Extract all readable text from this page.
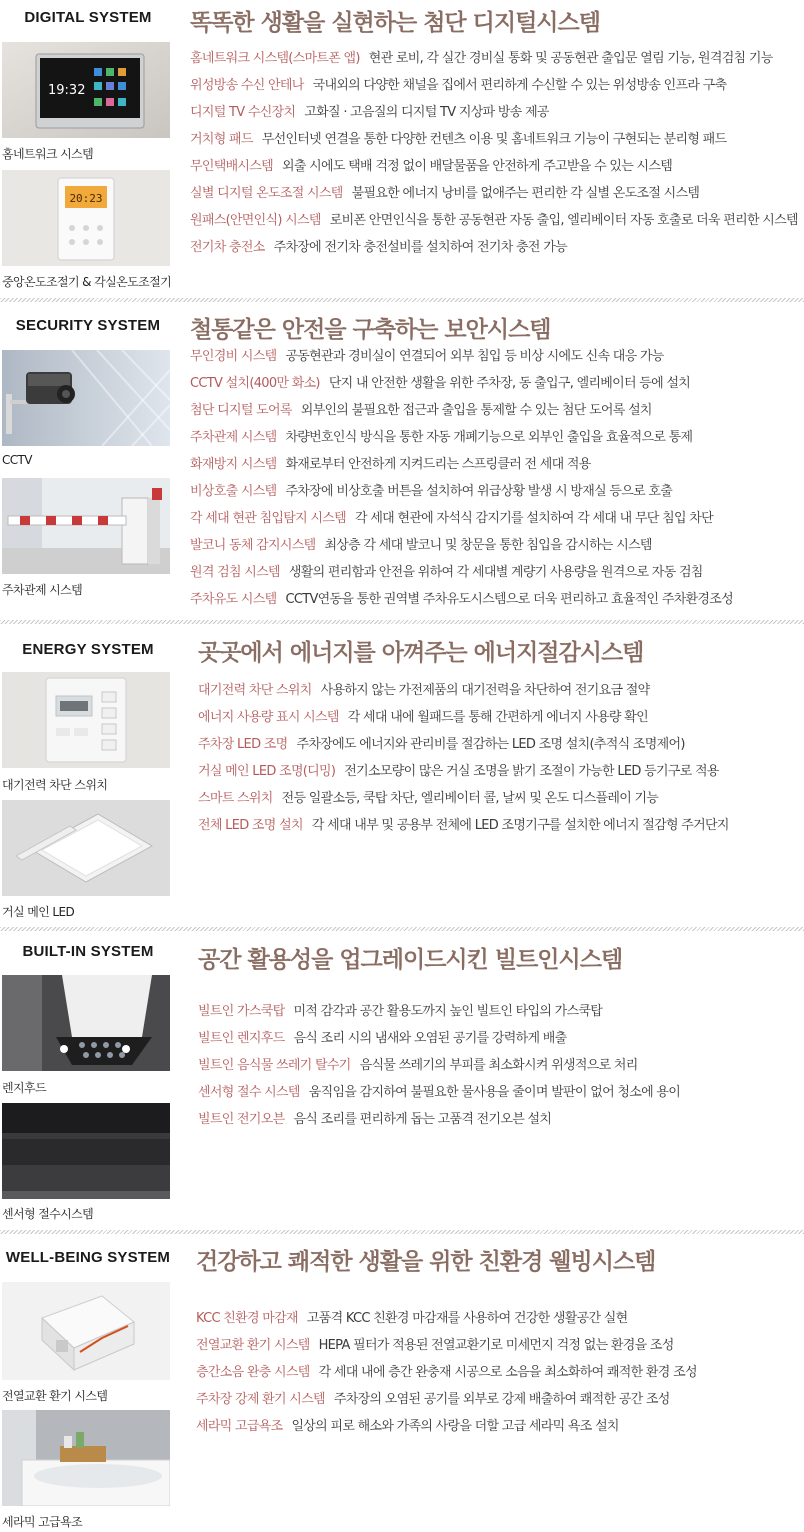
DIGITAL SYSTEM	똑똑한 생활을 실현하는 첨단 디지털시스템
19:32
홈네트워크 시스템
20:23
중앙온도조절기 & 각실온도조절기
홈네트워크 시스템(스마트폰 앱) 현관 로비, 각 실간 경비실 통화 및 공동현관 출입문 열림 기능, 원격검침 기능
위성방송 수신 안테나 국내외의 다양한 채널을 집에서 편리하게 수신할 수 있는 위성방송 인프라 구축
디지털 TV 수신장치 고화질 · 고음질의 디지털 TV 지상파 방송 제공
거치형 패드 무선인터넷 연결을 통한 다양한 컨텐츠 이용 및 홈네트워크 기능이 구현되는 분리형 패드
무인택배시스템 외출 시에도 택배 걱정 없이 배달물품을 안전하게 주고받을 수 있는 시스템
실별 디지털 온도조절 시스템 불필요한 에너지 낭비를 없애주는 편리한 각 실별 온도조절 시스템
원패스(안면인식) 시스템 로비폰 안면인식을 통한 공동현관 자동 출입, 엘리베이터 자동 호출로 더욱 편리한 시스템
전기차 충전소 주차장에 전기차 충전설비를 설치하여 전기차 충전 가능
SECURITY SYSTEM	철통같은 안전을 구축하는 보안시스템
CCTV
주차관제 시스템
무인경비 시스템 공동현관과 경비실이 연결되어 외부 침입 등 비상 시에도 신속 대응 가능
CCTV 설치(400만 화소) 단지 내 안전한 생활을 위한 주차장, 동 출입구, 엘리베이터 등에 설치
첨단 디지털 도어록 외부인의 불필요한 접근과 출입을 통제할 수 있는 첨단 도어록 설치
주차관제 시스템 차량번호인식 방식을 통한 자동 개폐기능으로 외부인 출입을 효율적으로 통제
화재방지 시스템 화재로부터 안전하게 지켜드리는 스프링클러 전 세대 적용
비상호출 시스템 주차장에 비상호출 버튼을 설치하여 위급상황 발생 시 방재실 등으로 호출
각 세대 현관 침입탐지 시스템 각 세대 현관에 자석식 감지기를 설치하여 각 세대 내 무단 침입 차단
발코니 동체 감지시스템 최상층 각 세대 발코니 및 창문을 통한 침입을 감시하는 시스템
원격 검침 시스템 생활의 편리함과 안전을 위하여 각 세대별 계량기 사용량을 원격으로 자동 검침
주차유도 시스템 CCTV연동을 통한 권역별 주차유도시스템으로 더욱 편리하고 효율적인 주차환경조성
ENERGY SYSTEM	곳곳에서 에너지를 아껴주는 에너지절감시스템
대기전력 차단 스위치
거실 메인 LED
대기전력 차단 스위치 사용하지 않는 가전제품의 대기전력을 차단하여 전기요금 절약
에너지 사용량 표시 시스템 각 세대 내에 월패드를 통해 간편하게 에너지 사용량 확인
주차장 LED 조명 주차장에도 에너지와 관리비를 절감하는 LED 조명 설치(추적식 조명제어)
거실 메인 LED 조명(디밍) 전기소모량이 많은 거실 조명을 밝기 조절이 가능한 LED 등기구로 적용
스마트 스위치 전등 일괄소등, 쿡탑 차단, 엘리베이터 콜, 날씨 및 온도 디스플레이 기능
전체 LED 조명 설치 각 세대 내부 및 공용부 전체에 LED 조명기구를 설치한 에너지 절감형 주거단지
BUILT-IN SYSTEM	공간 활용성을 업그레이드시킨 빌트인시스템
렌지후드
센서형 절수시스템
빌트인 가스쿡탑 미적 감각과 공간 활용도까지 높인 빌트인 타입의 가스쿡탑
빌트인 렌지후드 음식 조리 시의 냄새와 오염된 공기를 강력하게 배출
빌트인 음식물 쓰레기 탈수기 음식물 쓰레기의 부피를 최소화시켜 위생적으로 처리
센서형 절수 시스템 움직임을 감지하여 불필요한 물사용을 줄이며 발판이 없어 청소에 용이
빌트인 전기오븐 음식 조리를 편리하게 돕는 고품격 전기오븐 설치
WELL-BEING SYSTEM 건강하고 쾌적한 생활을 위한 친환경 웰빙시스템
전열교환 환기 시스템
세라믹 고급욕조
KCC 친환경 마감재 고품격 KCC 친환경 마감재를 사용하여 건강한 생활공간 실현
전열교환 환기 시스템 HEPA 필터가 적용된 전열교환기로 미세먼지 걱정 없는 환경을 조성
층간소음 완충 시스템 각 세대 내에 층간 완충재 시공으로 소음을 최소화하여 쾌적한 환경 조성
주차장 강제 환기 시스템 주차장의 오염된 공기를 외부로 강제 배출하여 쾌적한 공간 조성
세라믹 고급욕조 일상의 피로 해소와 가족의 사랑을 더할 고급 세라믹 욕조 설치
